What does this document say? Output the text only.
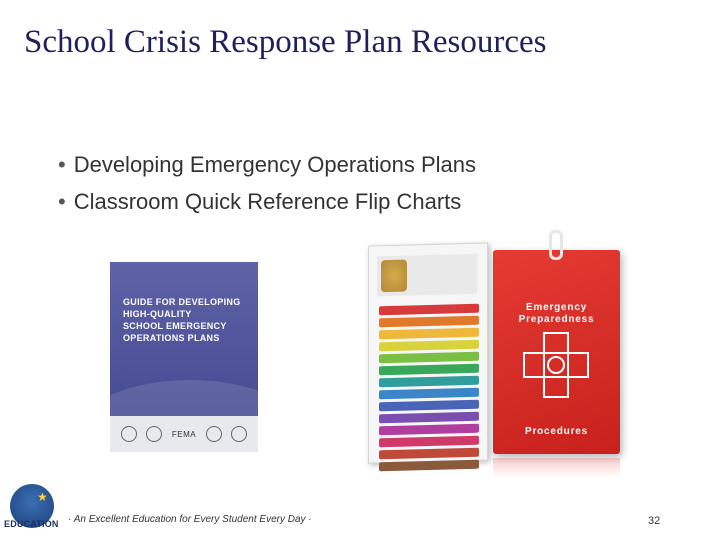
School Crisis Response Plan Resources
• Developing Emergency Operations Plans
• Classroom Quick Reference Flip Charts
GUIDE FOR DEVELOPING
HIGH-QUALITY
SCHOOL EMERGENCY
OPERATIONS PLANS
FEMA
Emergency
Preparedness
Procedures
★
EDUCATION · An Excellent Education for Every Student Every Day ·	32
